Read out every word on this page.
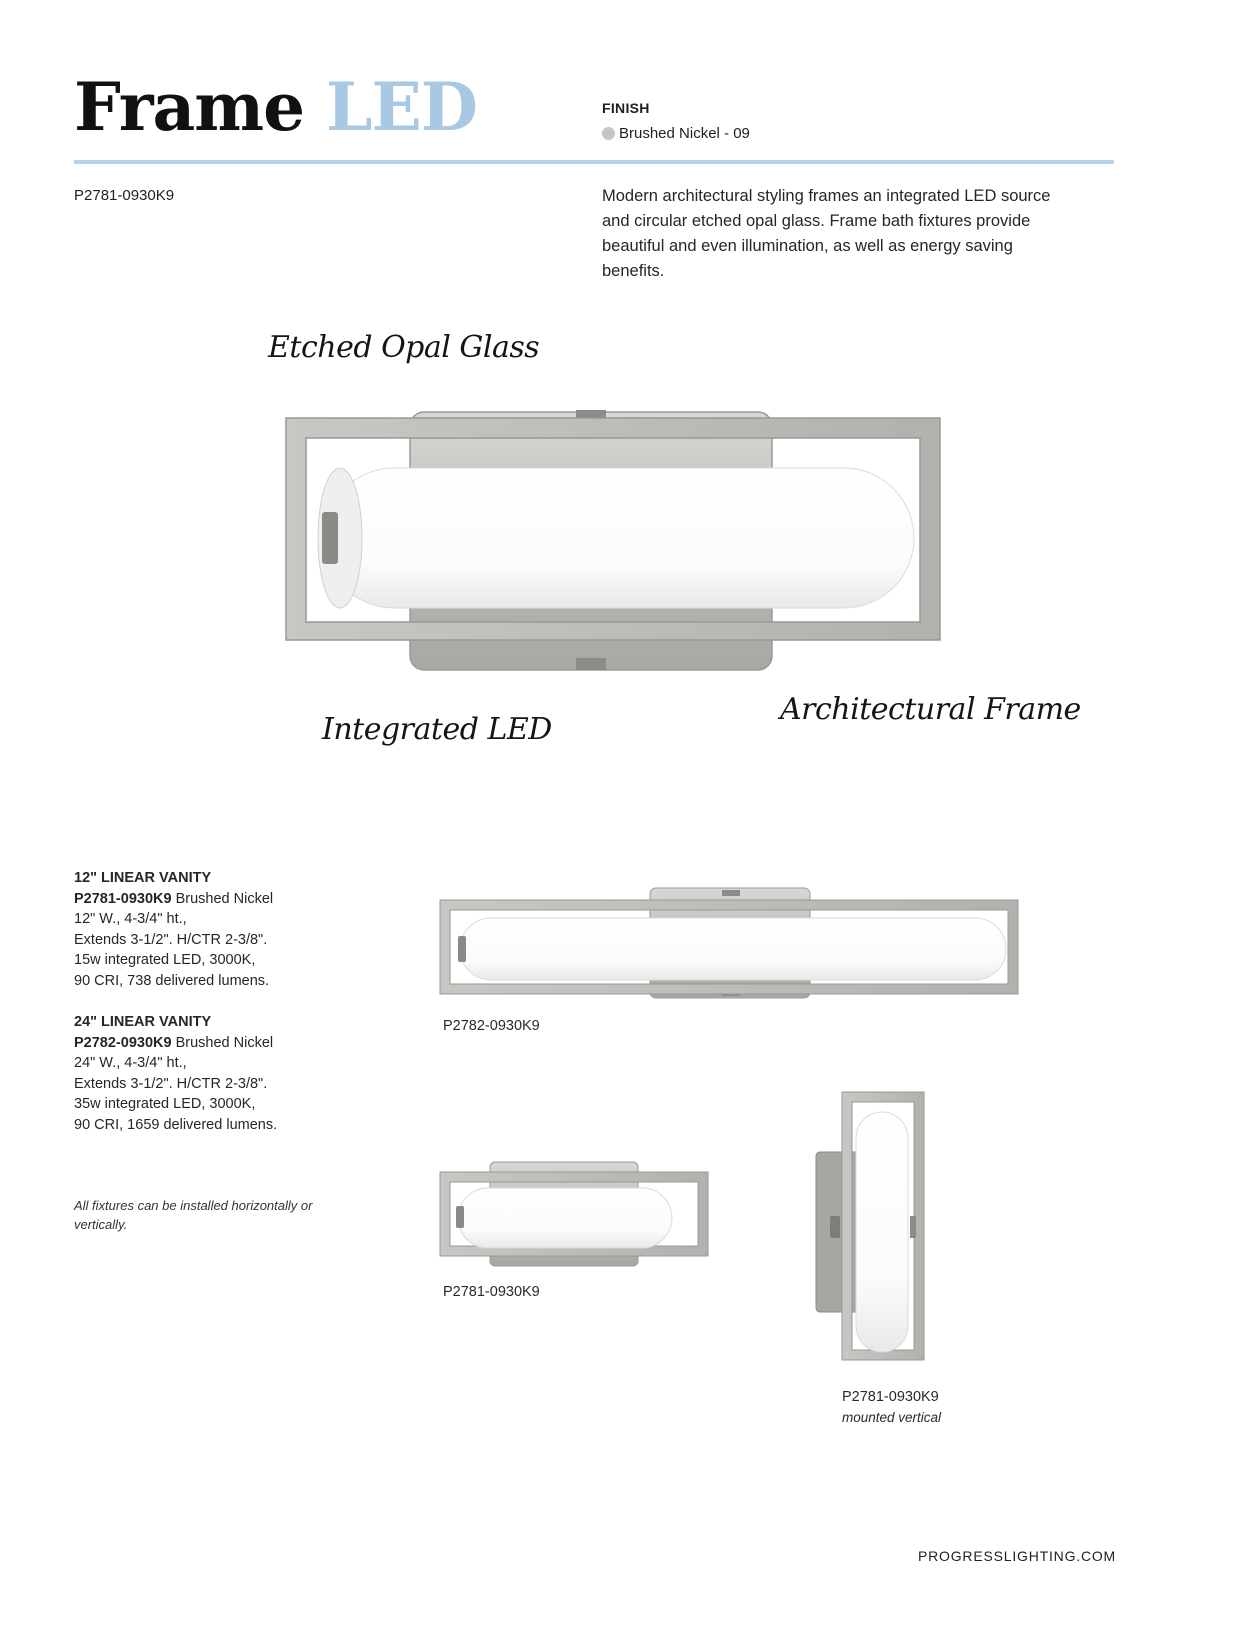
Frame LED	FINISH
Brushed Nickel - 09
P2781-0930K9	Modern architectural styling frames an integrated LED source and circular etched opal glass. Frame bath fixtures provide beautiful and even illumination, as well as energy saving benefits.
Etched Opal Glass
Integrated LED
Architectural Frame
12" LINEAR VANITY
P2781-0930K9 Brushed Nickel
12" W., 4-3/4" ht.,
Extends 3-1/2". H/CTR 2-3/8".
15w integrated LED, 3000K,
90 CRI, 738 delivered lumens.
24" LINEAR VANITY
P2782-0930K9 Brushed Nickel
24" W., 4-3/4" ht.,
Extends 3-1/2". H/CTR 2-3/8".
35w integrated LED, 3000K,
90 CRI, 1659 delivered lumens.
All fixtures can be installed horizontally or vertically.
P2782-0930K9
P2781-0930K9
P2781-0930K9
mounted vertical
PROGRESSLIGHTING.COM
